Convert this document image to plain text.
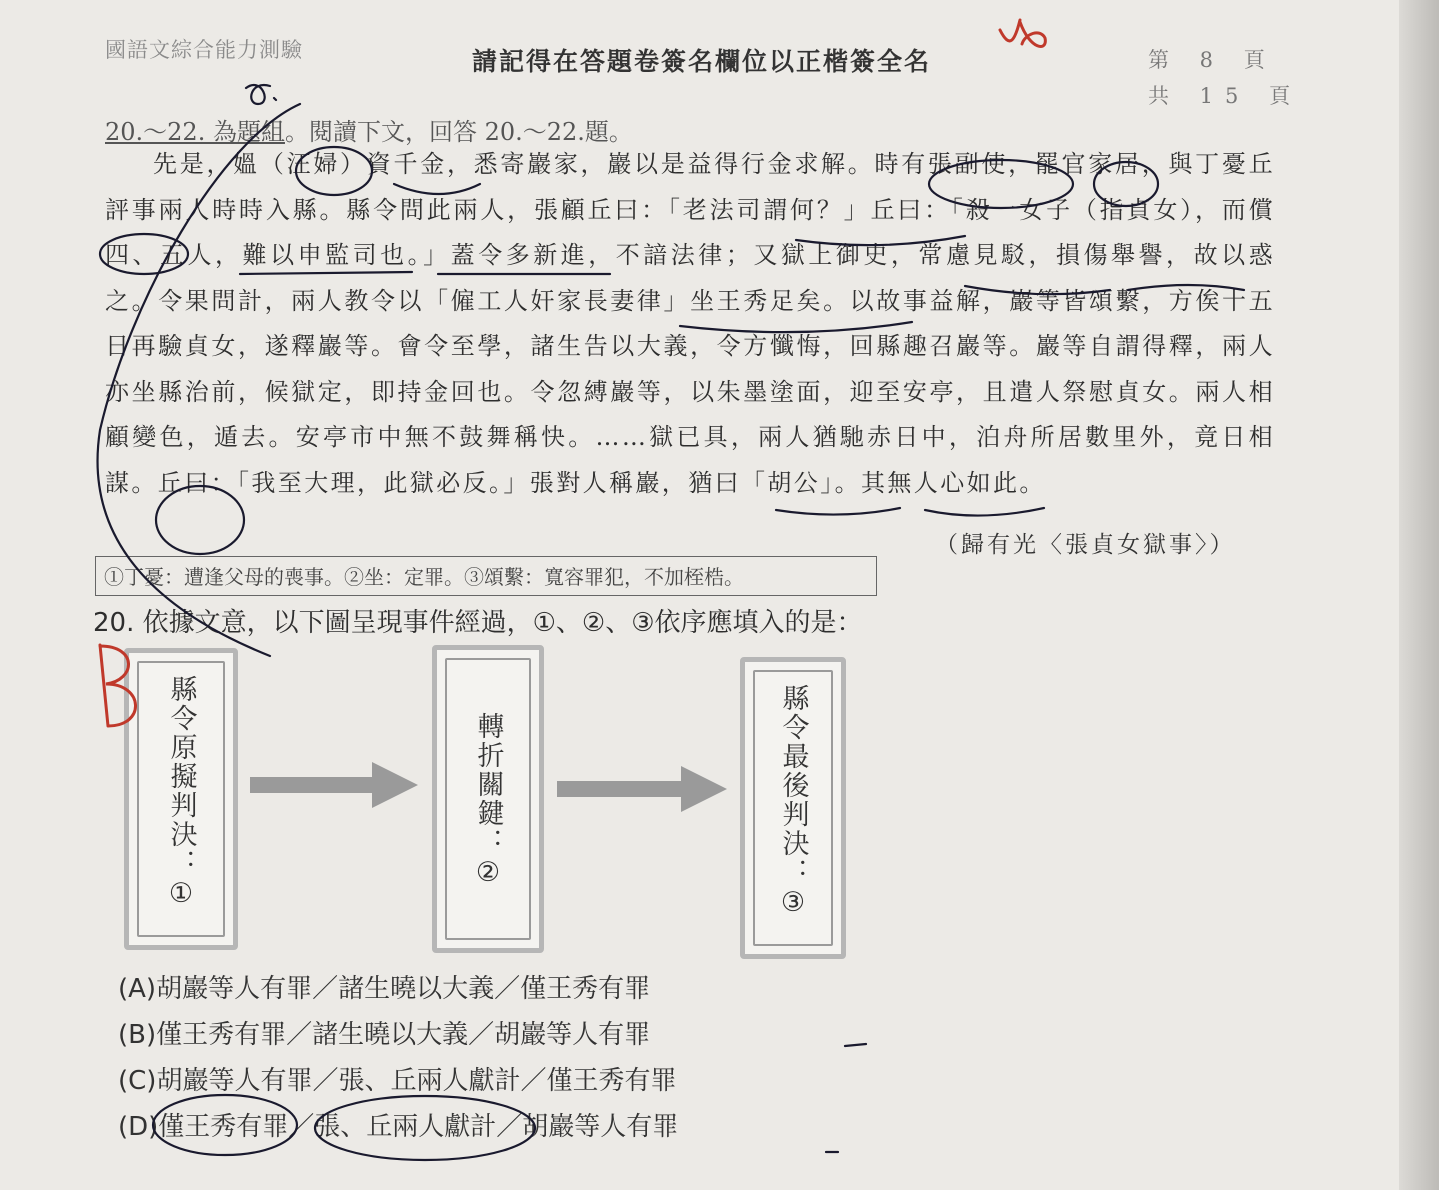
國語文綜合能力測驗	請記得在答題卷簽名欄位以正楷簽全名	第 8 頁
共 15 頁
20.～22. 為題組。閱讀下文，回答 20.～22.題。
先是，媼（汪婦）資千金，悉寄巖家，巖以是益得行金求解。時有張副使，罷官家居，與丁憂丘評事兩人時時入縣。縣令問此兩人，張顧丘曰：「老法司謂何？」丘曰：「殺一女子（指貞女），而償四、五人，難以申監司也。」蓋令多新進，不諳法律；又獄上御史，常慮見駁，損傷舉譽，故以惑之。令果問計，兩人教令以「僱工人奸家長妻律」坐王秀足矣。以故事益解，巖等皆頌繫，方俟十五日再驗貞女，遂釋巖等。會令至學，諸生告以大義，令方懺悔，回縣趣召巖等。巖等自謂得釋，兩人亦坐縣治前，候獄定，即持金回也。令忽縛巖等，以朱墨塗面，迎至安亭，且遣人祭慰貞女。兩人相顧變色，遁去。安亭市中無不鼓舞稱快。……獄已具，兩人猶馳赤日中，泊舟所居數里外，竟日相謀。丘曰：「我至大理，此獄必反。」張對人稱巖，猶曰「胡公」。其無人心如此。
（歸有光〈張貞女獄事〉）
①丁憂：遭逢父母的喪事。②坐：定罪。③頌繫：寬容罪犯，不加桎梏。
20. 依據文意，以下圖呈現事件經過，①、②、③依序應填入的是：
縣令原擬判決：①	轉折關鍵：②	縣令最後判決：③
(A)胡巖等人有罪／諸生曉以大義／僅王秀有罪
(B)僅王秀有罪／諸生曉以大義／胡巖等人有罪
(C)胡巖等人有罪／張、丘兩人獻計／僅王秀有罪
(D)僅王秀有罪／張、丘兩人獻計／胡巖等人有罪
